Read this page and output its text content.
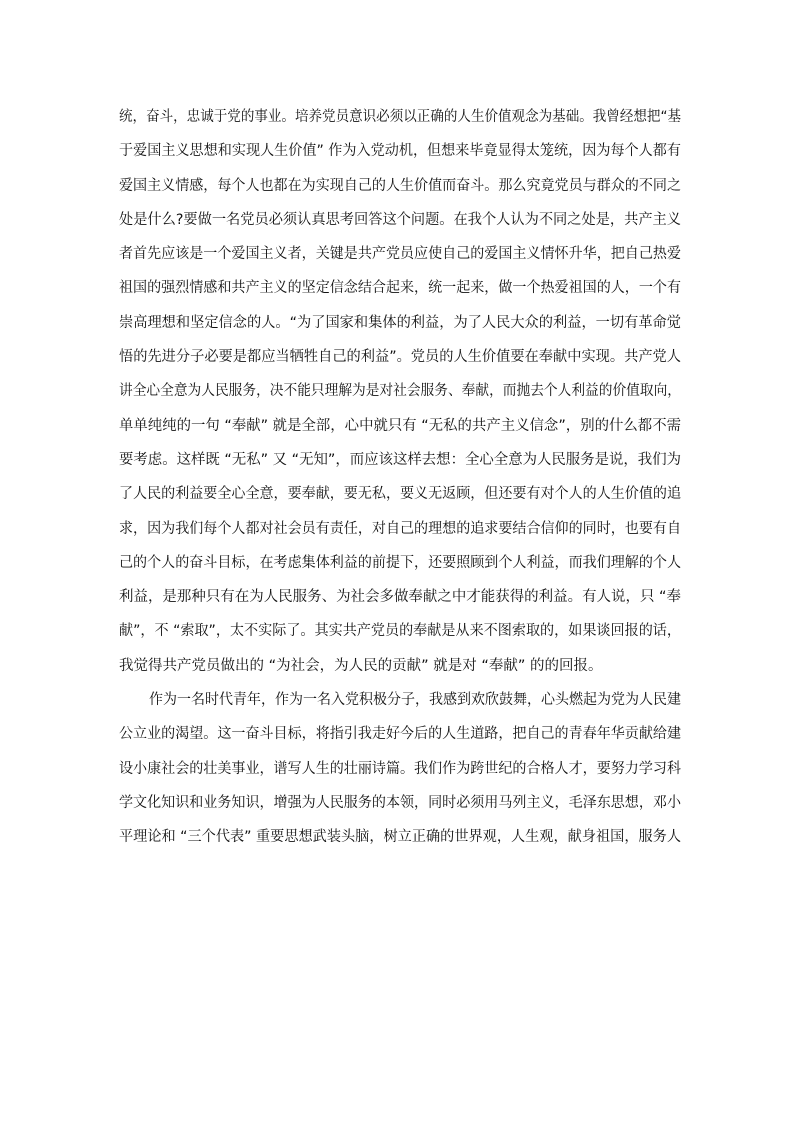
统，奋斗，忠诚于党的事业。培养党员意识必须以正确的人生价值观念为基础。我曾经想把“基
于爱国主义思想和实现人生价值” 作为入党动机，但想来毕竟显得太笼统，因为每个人都有
爱国主义情感，每个人也都在为实现自己的人生价值而奋斗。那么究竟党员与群众的不同之
处是什么?要做一名党员必须认真思考回答这个问题。在我个人认为不同之处是，共产主义
者首先应该是一个爱国主义者，关键是共产党员应使自己的爱国主义情怀升华，把自己热爱
祖国的强烈情感和共产主义的坚定信念结合起来，统一起来，做一个热爱祖国的人，一个有
崇高理想和坚定信念的人。“为了国家和集体的利益，为了人民大众的利益，一切有革命觉
悟的先进分子必要是都应当牺牲自己的利益”。党员的人生价值要在奉献中实现。共产党人
讲全心全意为人民服务，决不能只理解为是对社会服务、奉献，而抛去个人利益的价值取向，
单单纯纯的一句 “奉献” 就是全部，心中就只有 “无私的共产主义信念”，别的什么都不需
要考虑。这样既 “无私” 又 “无知”，而应该这样去想：全心全意为人民服务是说，我们为
了人民的利益要全心全意，要奉献，要无私，要义无返顾，但还要有对个人的人生价值的追
求，因为我们每个人都对社会员有责任，对自己的理想的追求要结合信仰的同时，也要有自
己的个人的奋斗目标，在考虑集体利益的前提下，还要照顾到个人利益，而我们理解的个人
利益，是那种只有在为人民服务、为社会多做奉献之中才能获得的利益。有人说，只 “奉
献”，不 “索取”，太不实际了。其实共产党员的奉献是从来不图索取的，如果谈回报的话，
我觉得共产党员做出的 “为社会，为人民的贡献” 就是对 “奉献” 的的回报。
作为一名时代青年，作为一名入党积极分子，我感到欢欣鼓舞，心头燃起为党为人民建
公立业的渴望。这一奋斗目标，将指引我走好今后的人生道路，把自己的青春年华贡献给建
设小康社会的壮美事业，谱写人生的壮丽诗篇。我们作为跨世纪的合格人才，要努力学习科
学文化知识和业务知识，增强为人民服务的本领，同时必须用马列主义，毛泽东思想，邓小
平理论和 “三个代表” 重要思想武装头脑，树立正确的世界观，人生观，献身祖国，服务人
